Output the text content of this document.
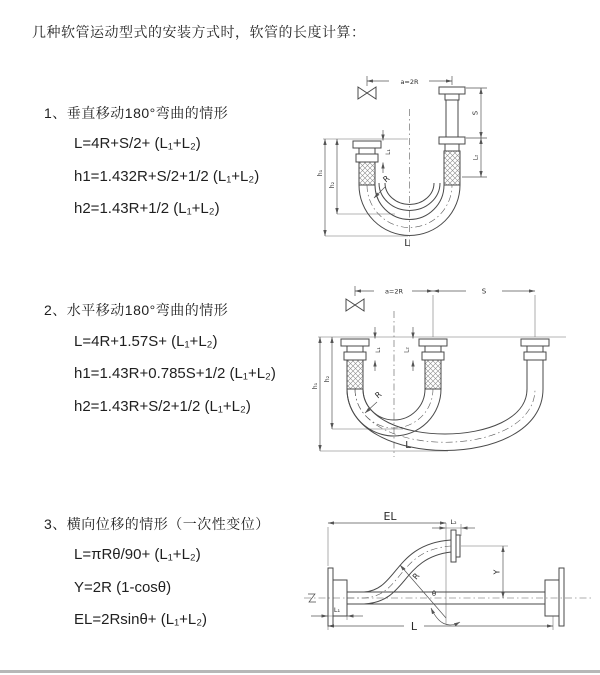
几种软管运动型式的安装方式时，软管的长度计算：
1、垂直移动180°弯曲的情形
L=4R+S/2+ (L₁+L₂)
h1=1.432R+S/2+1/2 (L₁+L₂)
h2=1.43R+1/2 (L₁+L₂)
2、水平移动180°弯曲的情形
L=4R+1.57S+ (L₁+L₂)
h1=1.43R+0.785S+1/2 (L₁+L₂)
h2=1.43R+S/2+1/2 (L₁+L₂)
3、横向位移的情形（一次性变位）
L=πRθ/90+ (L₁+L₂)
Y=2R (1-cosθ)
EL=2Rsinθ+ (L₁+L₂)
a=2R
S
L₂
L₁
h₁
h₂
R
L
a=2R	S
L₁	L₂
h₁
h₂
R
L
EL	L₂
Y
R
θ
L
L₁
